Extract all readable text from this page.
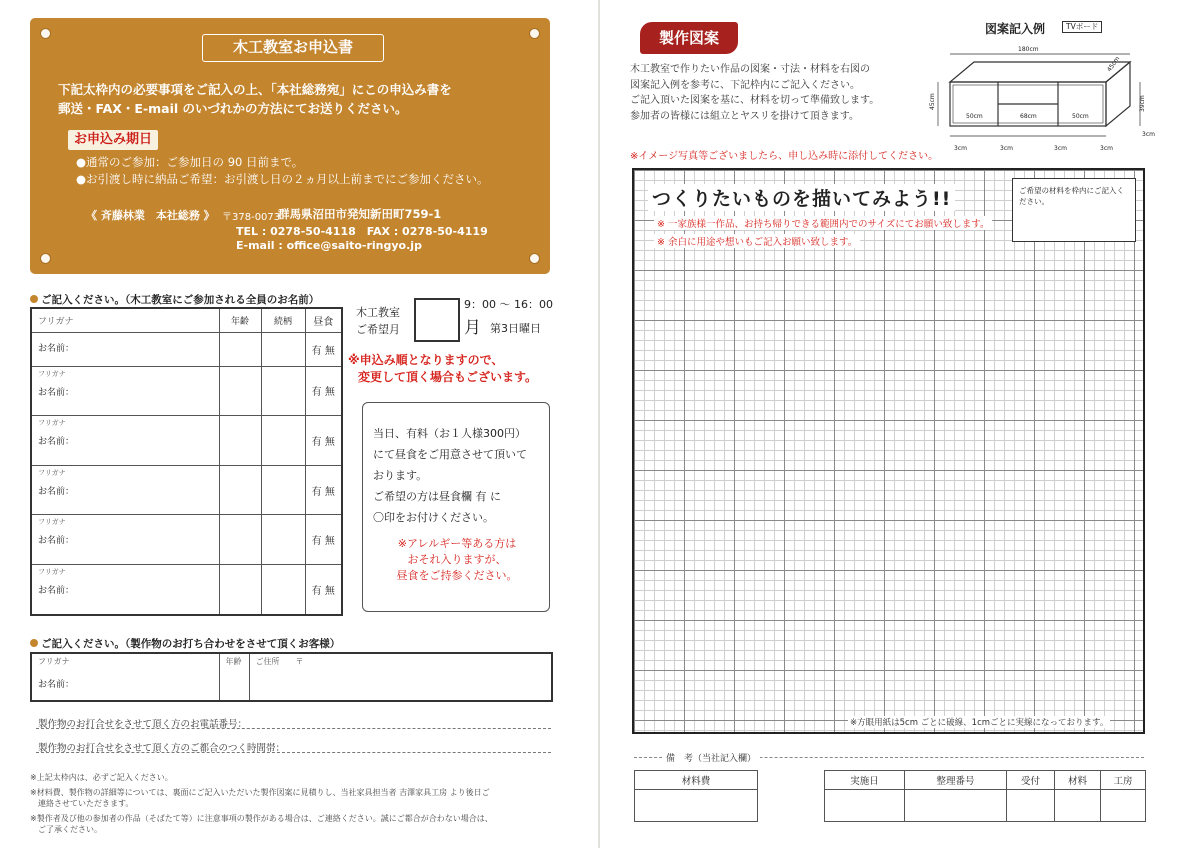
木工教室お申込書
下記太枠内の必要事項をご記入の上、「本社総務宛」にこの申込み書を
郵送・FAX・E-mail のいづれかの方法にてお送りください。
お申込み期日
●通常のご参加：ご参加日の 90 日前まで。
●お引渡し時に納品ご希望：お引渡し日の２ヵ月以上前までにご参加ください。
《 斉藤林業　本社総務 》 〒378-0073
群馬県沼田市発知新田町759-1
TEL : 0278-50-4118　FAX : 0278-50-4119
E-mail : office@saito-ringyo.jp
ご記入ください。（木工教室にご参加される全員のお名前）
フリガナ	年齢	続柄	昼食

お名前：			有 無

フリガナ
お名前：			有 無

フリガナ
お名前：			有 無

フリガナ
お名前：			有 無

フリガナ
お名前：			有 無

フリガナ
お名前：			有 無
木工教室
ご希望月
9：00 ～ 16：00
月 第3日曜日
※申込み順となりますので、
変更して頂く場合もございます。
当日、有料（お１人様300円）
にて昼食をご用意させて頂いて
おります。
ご希望の方は昼食欄 有 に
〇印をお付けください。
※アレルギー等ある方は
おそれ入りますが、
昼食をご持参ください。
ご記入ください。（製作物のお打ち合わせをさせて頂くお客様）
フリガナ
お名前：

年齢	ご住所　　〒
製作物のお打合せをさせて頂く方のお電話番号：
製作物のお打合せをさせて頂く方のご都合のつく時間帯：
※上記太枠内は、必ずご記入ください。
※材料費、製作物の詳細等については、裏面にご記入いただいた製作図案に見積りし、当社家具担当者 吉澤家具工房 より後日ご
連絡させていただきます。
※製作者及び他の参加者の作品（そばたて等）に注意事項の製作がある場合は、ご連絡ください。誠にご都合が合わない場合は、
ご了承ください。
製作図案
木工教室で作りたい作品の図案・寸法・材料を右図の
図案記入例を参考に、下記枠内にご記入ください。
ご記入頂いた図案を基に、材料を切って準備致します。
参加者の皆様には組立とヤスリを掛けて頂きます。
※イメージ写真等ございましたら、申し込み時に添付してください。
図案記入例	TVボード
180cm
45cm
45cm
50cm	68cm	50cm
39cm
3cm	3cm	3cm	3cm
3cm
つくりたいものを描いてみよう!!
※ 一家族様一作品、お持ち帰りできる範囲内でのサイズにてお願い致します。
※ 余白に用途や想いもご記入お願い致します。
ご希望の材料を枠内にご記入ください。
※方眼用紙は5cm ごとに破線、1cmごとに実線になっております。
備　考（当社記入欄）
材料費	実施日	整理番号	受付	材料	工房
